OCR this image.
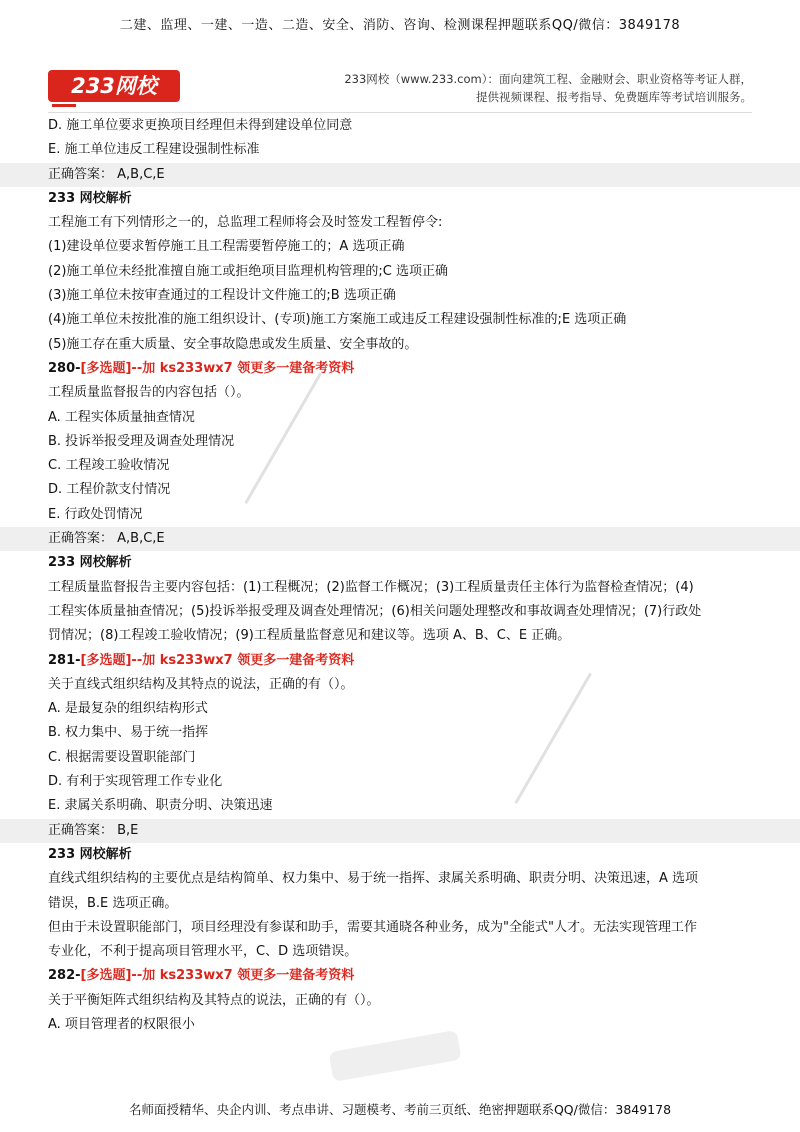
二建、监理、一建、一造、二造、安全、消防、咨询、检测课程押题联系QQ/微信：3849178
233网校	233网校（www.233.com）：面向建筑工程、金融财会、职业资格等考证人群，
提供视频课程、报考指导、免费题库等考试培训服务。
D. 施工单位要求更换项目经理但未得到建设单位同意
E. 施工单位违反工程建设强制性标准
正确答案： A,B,C,E
233 网校解析
工程施工有下列情形之一的，总监理工程师将会及时签发工程暂停令:
(1)建设单位要求暂停施工且工程需要暂停施工的；A 选项正确
(2)施工单位未经批准擅自施工或拒绝项目监理机构管理的;C 选项正确
(3)施工单位未按审查通过的工程设计文件施工的;B 选项正确
(4)施工单位未按批准的施工组织设计、(专项)施工方案施工或违反工程建设强制性标准的;E 选项正确
(5)施工存在重大质量、安全事故隐患或发生质量、安全事故的。
280-[多选题]--加 ks233wx7 领更多一建备考资料
工程质量监督报告的内容包括（）。
A. 工程实体质量抽查情况
B. 投诉举报受理及调查处理情况
C. 工程竣工验收情况
D. 工程价款支付情况
E. 行政处罚情况
正确答案： A,B,C,E
233 网校解析
工程质量监督报告主要内容包括：(1)工程概况；(2)监督工作概况；(3)工程质量责任主体行为监督检查情况；(4)
工程实体质量抽查情况；(5)投诉举报受理及调查处理情况；(6)相关问题处理整改和事故调查处理情况；(7)行政处
罚情况；(8)工程竣工验收情况；(9)工程质量监督意见和建议等。选项 A、B、C、E 正确。
281-[多选题]--加 ks233wx7 领更多一建备考资料
关于直线式组织结构及其特点的说法，正确的有（）。
A. 是最复杂的组织结构形式
B. 权力集中、易于统一指挥
C. 根据需要设置职能部门
D. 有利于实现管理工作专业化
E. 隶属关系明确、职责分明、决策迅速
正确答案： B,E
233 网校解析
直线式组织结构的主要优点是结构简单、权力集中、易于统一指挥、隶属关系明确、职责分明、决策迅速，A 选项
错误，B.E 选项正确。
但由于未设置职能部门，项目经理没有参谋和助手，需要其通晓各种业务，成为"全能式"人才。无法实现管理工作
专业化，不利于提高项目管理水平，C、D 选项错误。
282-[多选题]--加 ks233wx7 领更多一建备考资料
关于平衡矩阵式组织结构及其特点的说法，正确的有（）。
A. 项目管理者的权限很小
名师面授精华、央企内训、考点串讲、习题模考、考前三页纸、绝密押题联系QQ/微信：3849178
